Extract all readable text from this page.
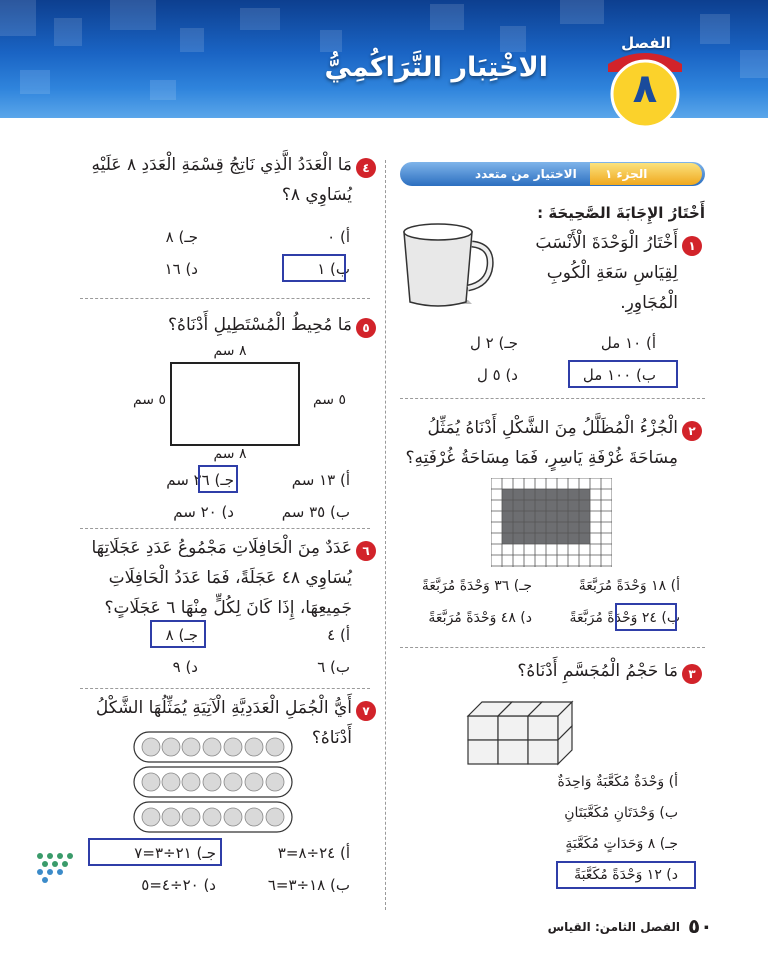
الاخْتِبَار التَّرَاكُمِيُّ
الفصل
٨
الجزء ١
الاختيار من متعدد
أَخْتَارُ الإِجَابَةَ الصَّحِيحَةَ :
١
أَخْتَارُ الْوَحْدَةَ الْأَنْسَبَ لِقِيَاسِ سَعَةِ الْكُوبِ الْمُجَاوِرِ.
أ) ١٠ مل
ب) ١٠٠ مل
جـ) ٢ ل
د) ٥ ل
٢
الْجُزْءُ الْمُظَلَّلُ مِنَ الشَّكْلِ أَدْنَاهُ يُمَثِّلُ مِسَاحَةَ غُرْفَةِ يَاسِرٍ، فَمَا مِسَاحَةُ غُرْفَتِهِ؟
أ) ١٨ وَحْدَةً مُرَبَّعَةً
ب) ٢٤ وَحْدَةً مُرَبَّعَةً
جـ) ٣٦ وَحْدَةً مُرَبَّعَةً
د) ٤٨ وَحْدَةً مُرَبَّعَةً
٣
مَا حَجْمُ الْمُجَسَّمِ أَدْنَاهُ؟
أ) وَحْدَةٌ مُكَعَّبَةٌ وَاحِدَةٌ
ب) وَحْدَتَانِ مُكَعَّبَتَانِ
جـ) ٨ وَحَدَاتٍ مُكَعَّبَةٍ
د) ١٢ وَحْدَةً مُكَعَّبَةً
٤
مَا الْعَدَدُ الَّذِي نَاتِجُ قِسْمَةِ الْعَدَدِ ٨ عَلَيْهِ يُسَاوِي ٨؟
أ) ٠
ب) ١
جـ) ٨
د) ١٦
٥
مَا مُحِيطُ الْمُسْتَطِيلِ أَدْنَاهُ؟
٨ سم
٥ سم
٥ سم
٨ سم
أ) ١٣ سم
ب) ٣٥ سم
جـ) ٢٦ سم
د) ٢٠ سم
٦
عَدَدٌ مِنَ الْحَافِلَاتِ مَجْمُوعُ عَدَدِ عَجَلَاتِهَا يُسَاوِي ٤٨ عَجَلَةً، فَمَا عَدَدُ الْحَافِلَاتِ جَمِيعِهَا، إِذَا كَانَ لِكُلٍّ مِنْهَا ٦ عَجَلَاتٍ؟
أ) ٤
ب) ٦
جـ) ٨
د) ٩
٧
أَيُّ الْجُمَلِ الْعَدَدِيَّةِ الْآتِيَةِ يُمَثِّلُهَا الشَّكْلُ أَدْنَاهُ؟
أ) ٢٤÷٨=٣
ب) ١٨÷٣=٦
جـ) ٢١÷٣=٧
د) ٢٠÷٤=٥
الفصل الثامن: القياس ٥٠
